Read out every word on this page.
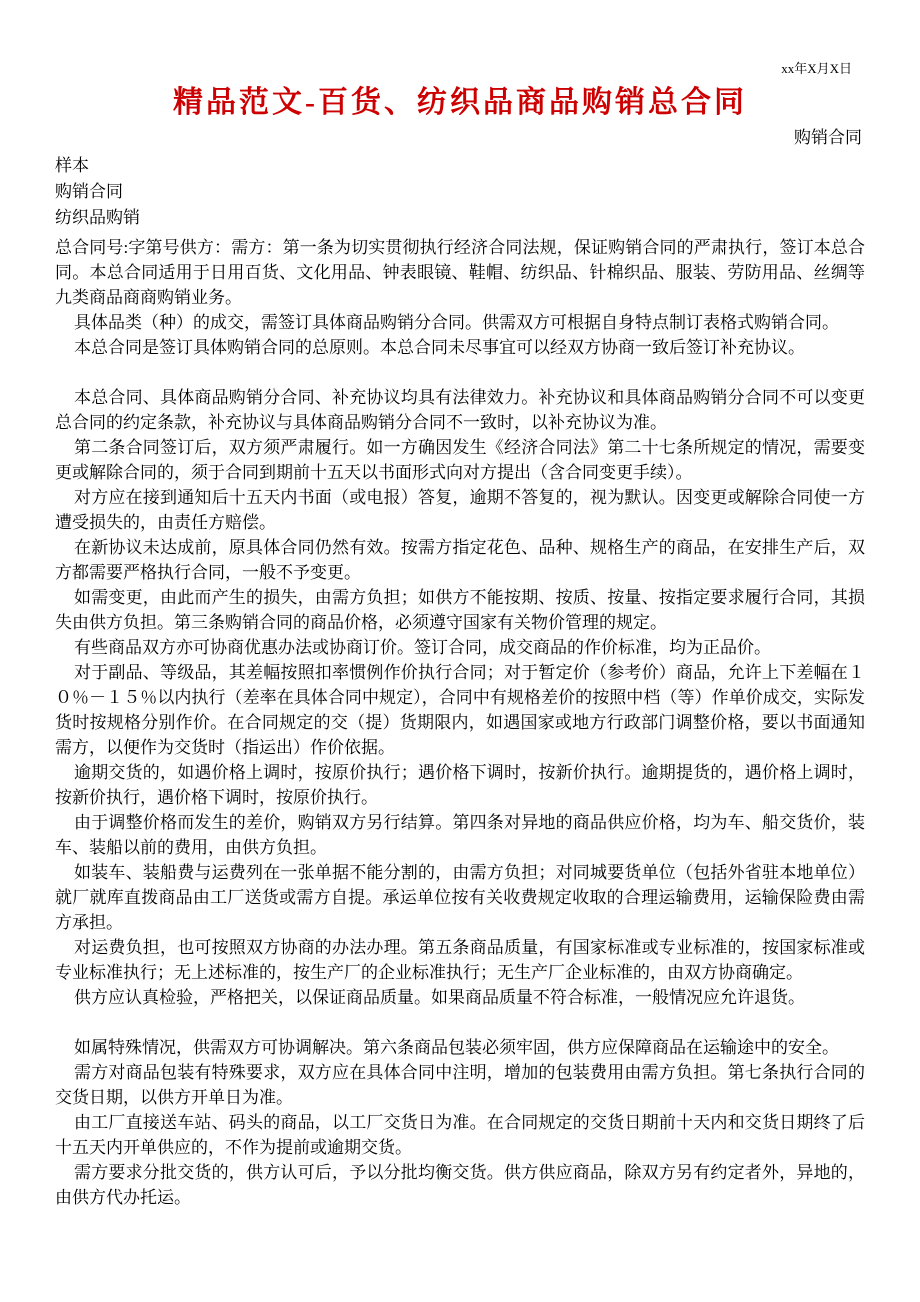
xx年X月X日
精品范文-百货、纺织品商品购销总合同
购销合同
样本
购销合同
纺织品购销

总合同号:字第号供方：需方：第一条为切实贯彻执行经济合同法规，保证购销合同的严肃执行，签订本总合同。本总合同适用于日用百货、文化用品、钟表眼镜、鞋帽、纺织品、针棉织品、服装、劳防用品、丝绸等九类商品商商购销业务。

具体品类（种）的成交，需签订具体商品购销分合同。供需双方可根据自身特点制订表格式购销合同。

本总合同是签订具体购销合同的总原则。本总合同未尽事宜可以经双方协商一致后签订补充协议。

本总合同、具体商品购销分合同、补充协议均具有法律效力。补充协议和具体商品购销分合同不可以变更总合同的约定条款，补充协议与具体商品购销分合同不一致时，以补充协议为准。

第二条合同签订后，双方须严肃履行。如一方确因发生《经济合同法》第二十七条所规定的情况，需要变更或解除合同的，须于合同到期前十五天以书面形式向对方提出（含合同变更手续）。

对方应在接到通知后十五天内书面（或电报）答复，逾期不答复的，视为默认。因变更或解除合同使一方遭受损失的，由责任方赔偿。

在新协议未达成前，原具体合同仍然有效。按需方指定花色、品种、规格生产的商品，在安排生产后，双方都需要严格执行合同，一般不予变更。

如需变更，由此而产生的损失，由需方负担；如供方不能按期、按质、按量、按指定要求履行合同，其损失由供方负担。第三条购销合同的商品价格，必须遵守国家有关物价管理的规定。

有些商品双方亦可协商优惠办法或协商订价。签订合同，成交商品的作价标准，均为正品价。

对于副品、等级品，其差幅按照扣率惯例作价执行合同；对于暂定价（参考价）商品，允许上下差幅在１０％－１５％以内执行（差率在具体合同中规定），合同中有规格差价的按照中档（等）作单价成交，实际发货时按规格分别作价。在合同规定的交（提）货期限内，如遇国家或地方行政部门调整价格，要以书面通知需方，以便作为交货时（指运出）作价依据。

逾期交货的，如遇价格上调时，按原价执行；遇价格下调时，按新价执行。逾期提货的，遇价格上调时，按新价执行，遇价格下调时，按原价执行。

由于调整价格而发生的差价，购销双方另行结算。第四条对异地的商品供应价格，均为车、船交货价，装车、装船以前的费用，由供方负担。

如装车、装船费与运费列在一张单据不能分割的，由需方负担；对同城要货单位（包括外省驻本地单位）就厂就库直拨商品由工厂送货或需方自提。承运单位按有关收费规定收取的合理运输费用，运输保险费由需方承担。

对运费负担，也可按照双方协商的办法办理。第五条商品质量，有国家标准或专业标准的，按国家标准或专业标准执行；无上述标准的，按生产厂的企业标准执行；无生产厂企业标准的，由双方协商确定。

供方应认真检验，严格把关，以保证商品质量。如果商品质量不符合标准，一般情况应允许退货。

如属特殊情况，供需双方可协调解决。第六条商品包装必须牢固，供方应保障商品在运输途中的安全。

需方对商品包装有特殊要求，双方应在具体合同中注明，增加的包装费用由需方负担。第七条执行合同的交货日期，以供方开单日为准。

由工厂直接送车站、码头的商品，以工厂交货日为准。在合同规定的交货日期前十天内和交货日期终了后十五天内开单供应的，不作为提前或逾期交货。

需方要求分批交货的，供方认可后，予以分批均衡交货。供方供应商品，除双方另有约定者外，异地的，由供方代办托运。
